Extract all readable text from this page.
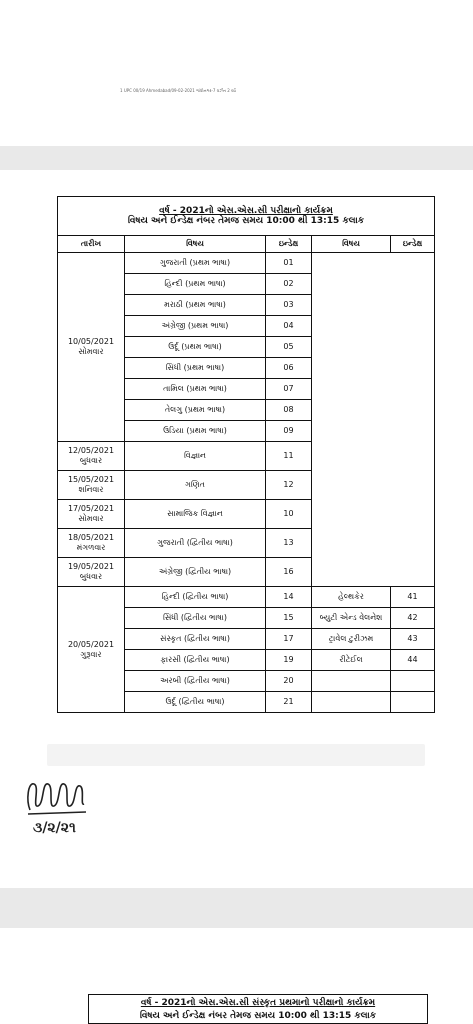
1 UPC 00/19 Ahmedabad/09-02-2021 ગાંધીનગર-7 વર્ઝન 2 વર્ષ
વર્ષ - 2021નો એસ.એસ.સી પરીક્ષાનો કાર્યક્રમ
વિષય અને ઈન્ડેક્ષ નંબર તેમજ સમય 10:00 થી 13:15 કલાક				
તારીખ	વિષય	ઇન્ડેક્ષ	વિષય	ઇન્ડેક્ષ

10/05/2021
સોમવાર	ગુજરાતી (પ્રથમ ભાષા)	01		
	હિન્દી (પ્રથમ ભાષા)	02		
	મરાઠી (પ્રથમ ભાષા)	03		
	અંગ્રેજી (પ્રથમ ભાષા)	04		
	ઉર્દૂ (પ્રથમ ભાષા)	05		
	સિંધી (પ્રથમ ભાષા)	06		
	તામિલ (પ્રથમ ભાષા)	07		
	તેલગુ (પ્રથમ ભાષા)	08		
	ઉડિયા (પ્રથમ ભાષા)	09		

12/05/2021
બુધવાર	વિજ્ઞાન	11		

15/05/2021
શનિવાર	ગણિત	12		

17/05/2021
સોમવાર	સામાજિક વિજ્ઞાન	10		

18/05/2021
મંગળવાર	ગુજરાતી (દ્વિતીય ભાષા)	13		

19/05/2021
બુધવાર	અંગ્રેજી (દ્વિતીય ભાષા)	16		

20/05/2021
ગુરૂવાર	હિન્દી (દ્વિતીય ભાષા)	14	હેલ્થકેર	41
	સિંધી (દ્વિતીય ભાષા)	15	બ્યુટી એન્ડ વેલનેશ	42
	સંસ્કૃત (દ્વિતીય ભાષા)	17	ટ્રાવેલ ટુરીઝમ	43
	ફારસી (દ્વિતીય ભાષા)	19	રીટેઈલ	44
	અરબી (દ્વિતીય ભાષા)	20		
	ઉર્દૂ (દ્વિતીય ભાષા)	21		
૩/૨/૨૧
વર્ષ - 2021નો એસ.એસ.સી સંસ્કૃત પ્રથમાનો પરીક્ષાનો કાર્યક્રમ
વિષય અને ઈન્ડેક્ષ નંબર તેમજ સમય 10:00 થી 13:15 કલાક
